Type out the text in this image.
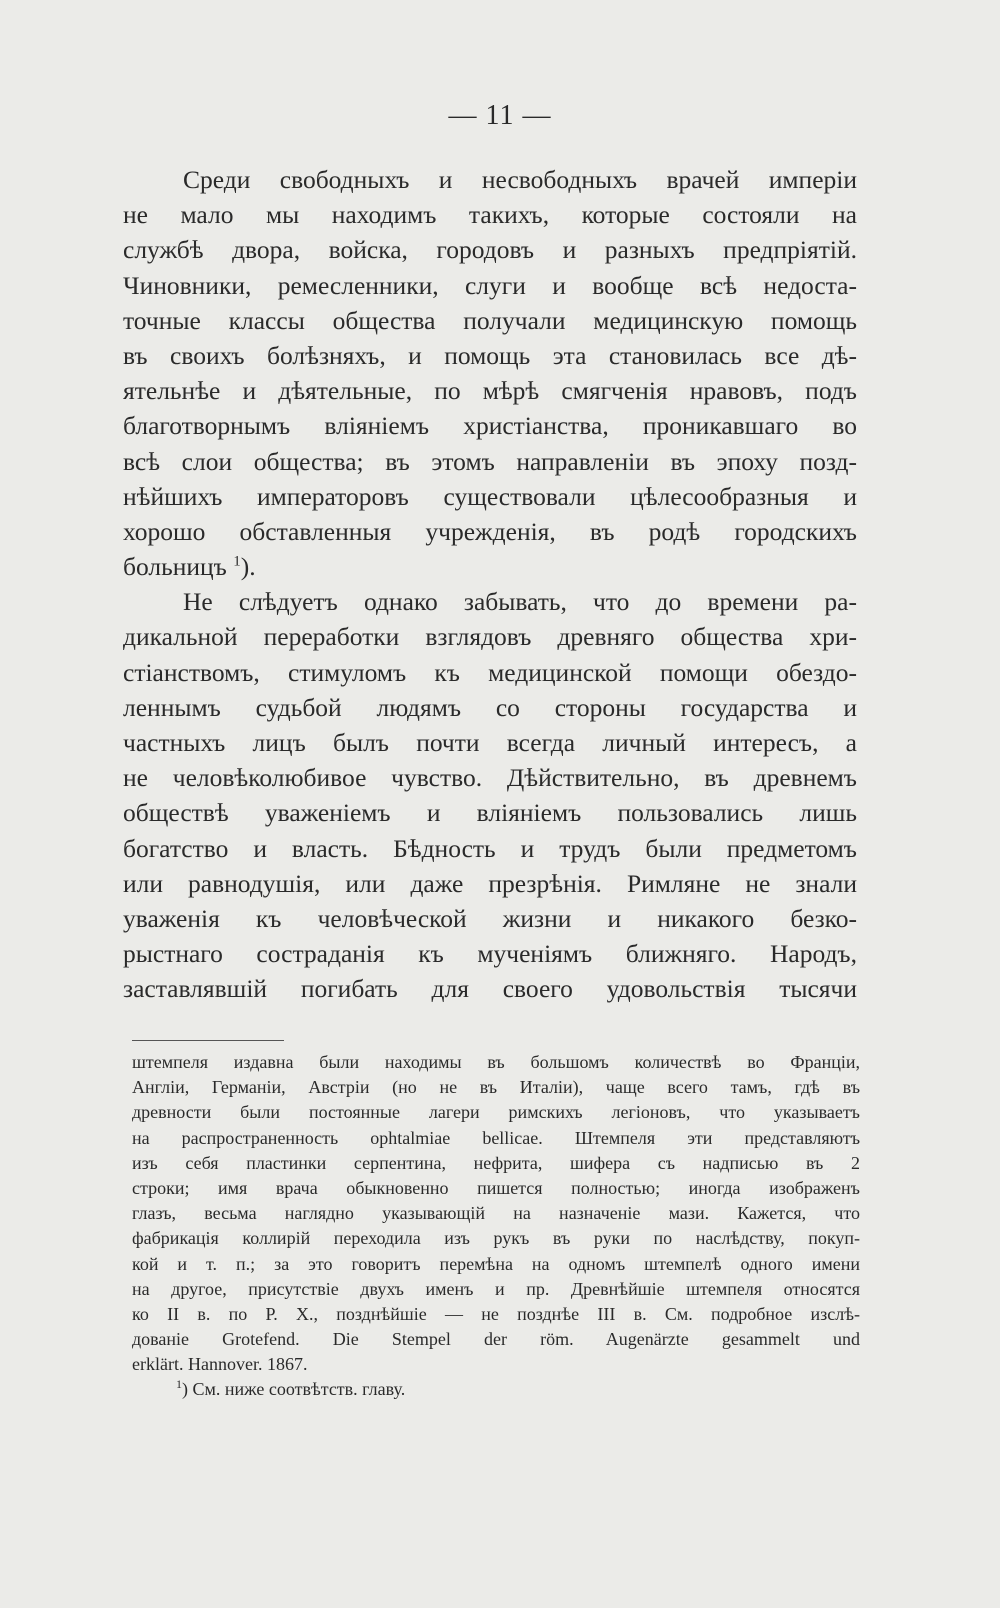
— 11 —
Среди свободныхъ и несвободныхъ врачей имперіи
не мало мы находимъ такихъ, которые состояли на
службѣ двора, войска, городовъ и разныхъ предпріятій.
Чиновники, ремесленники, слуги и вообще всѣ недоста-
точные классы общества получали медицинскую помощь
въ своихъ болѣзняхъ, и помощь эта становилась все дѣ-
ятельнѣе и дѣятельные, по мѣрѣ смягченія нравовъ, подъ
благотворнымъ вліяніемъ христіанства, проникавшаго во
всѣ слои общества; въ этомъ направленіи въ эпоху позд-
нѣйшихъ императоровъ существовали цѣлесообразныя и
хорошо обставленныя учрежденія, въ родѣ городскихъ
больницъ $^1$).
Не слѣдуетъ однако забывать, что до времени ра-
дикальной переработки взглядовъ древняго общества хри-
стіанствомъ, стимуломъ къ медицинской помощи обездо-
леннымъ судьбой людямъ со стороны государства и
частныхъ лицъ былъ почти всегда личный интересъ, а
не человѣколюбивое чувство. Дѣйствительно, въ древнемъ
обществѣ уваженіемъ и вліяніемъ пользовались лишь
богатство и власть. Бѣдность и трудъ были предметомъ
или равнодушія, или даже презрѣнія. Римляне не знали
уваженія къ человѣческой жизни и никакого безко-
рыстнаго состраданія къ мученіямъ ближняго. Народъ,
заставлявшій погибать для своего удовольствія тысячи
штемпеля издавна были находимы въ большомъ количествѣ во Франціи,
Англіи, Германіи, Австріи (но не въ Италіи), чаще всего тамъ, гдѣ въ
древности были постоянные лагери римскихъ легіоновъ, что указываетъ
на распространенность ophtalmiae bellicae. Штемпеля эти представляютъ
изъ себя пластинки серпентина, нефрита, шифера съ надписью въ 2
строки; имя врача обыкновенно пишется полностью; иногда изображенъ
глазъ, весьма наглядно указывающій на назначеніе мази. Кажется, что
фабрикація коллирій переходила изъ рукъ въ руки по наслѣдству, покуп-
кой и т. п.; за это говоритъ перемѣна на одномъ штемпелѣ одного имени
на другое, присутствіе двухъ именъ и пр. Древнѣйшіе штемпеля относятся
ко II в. по Р. Х., позднѣйшіе — не позднѣе III в. См. подробное изслѣ-
дованіе Grotefend. Die Stempel der röm. Augenärzte gesammelt und
erklärt. Hannover. 1867.
$^1$) См. ниже соотвѣтств. главу.
